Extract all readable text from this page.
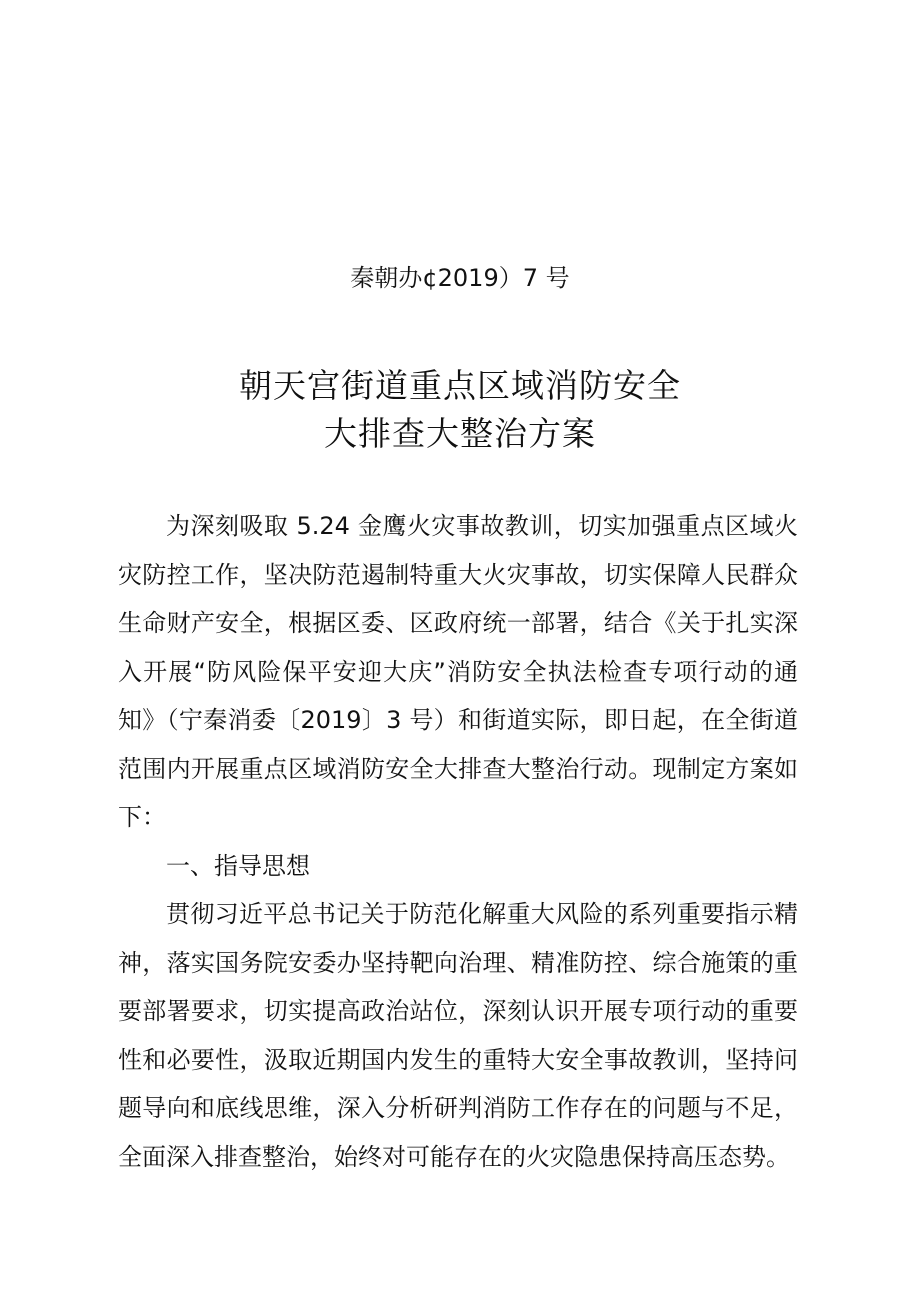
秦朝办¢2019）7 号
朝天宫街道重点区域消防安全
大排查大整治方案

为深刻吸取 5.24 金鹰火灾事故教训，切实加强重点区域火灾防控工作，坚决防范遏制特重大火灾事故，切实保障人民群众生命财产安全，根据区委、区政府统一部署，结合《关于扎实深入开展“防风险保平安迎大庆”消防安全执法检查专项行动的通知》（宁秦消委〔2019〕3 号）和街道实际，即日起，在全街道范围内开展重点区域消防安全大排查大整治行动。现制定方案如下：

一、指导思想

贯彻习近平总书记关于防范化解重大风险的系列重要指示精神，落实国务院安委办坚持靶向治理、精准防控、综合施策的重要部署要求，切实提高政治站位，深刻认识开展专项行动的重要性和必要性，汲取近期国内发生的重特大安全事故教训，坚持问题导向和底线思维，深入分析研判消防工作存在的问题与不足，全面深入排查整治，始终对可能存在的火灾隐患保持高压态势。
